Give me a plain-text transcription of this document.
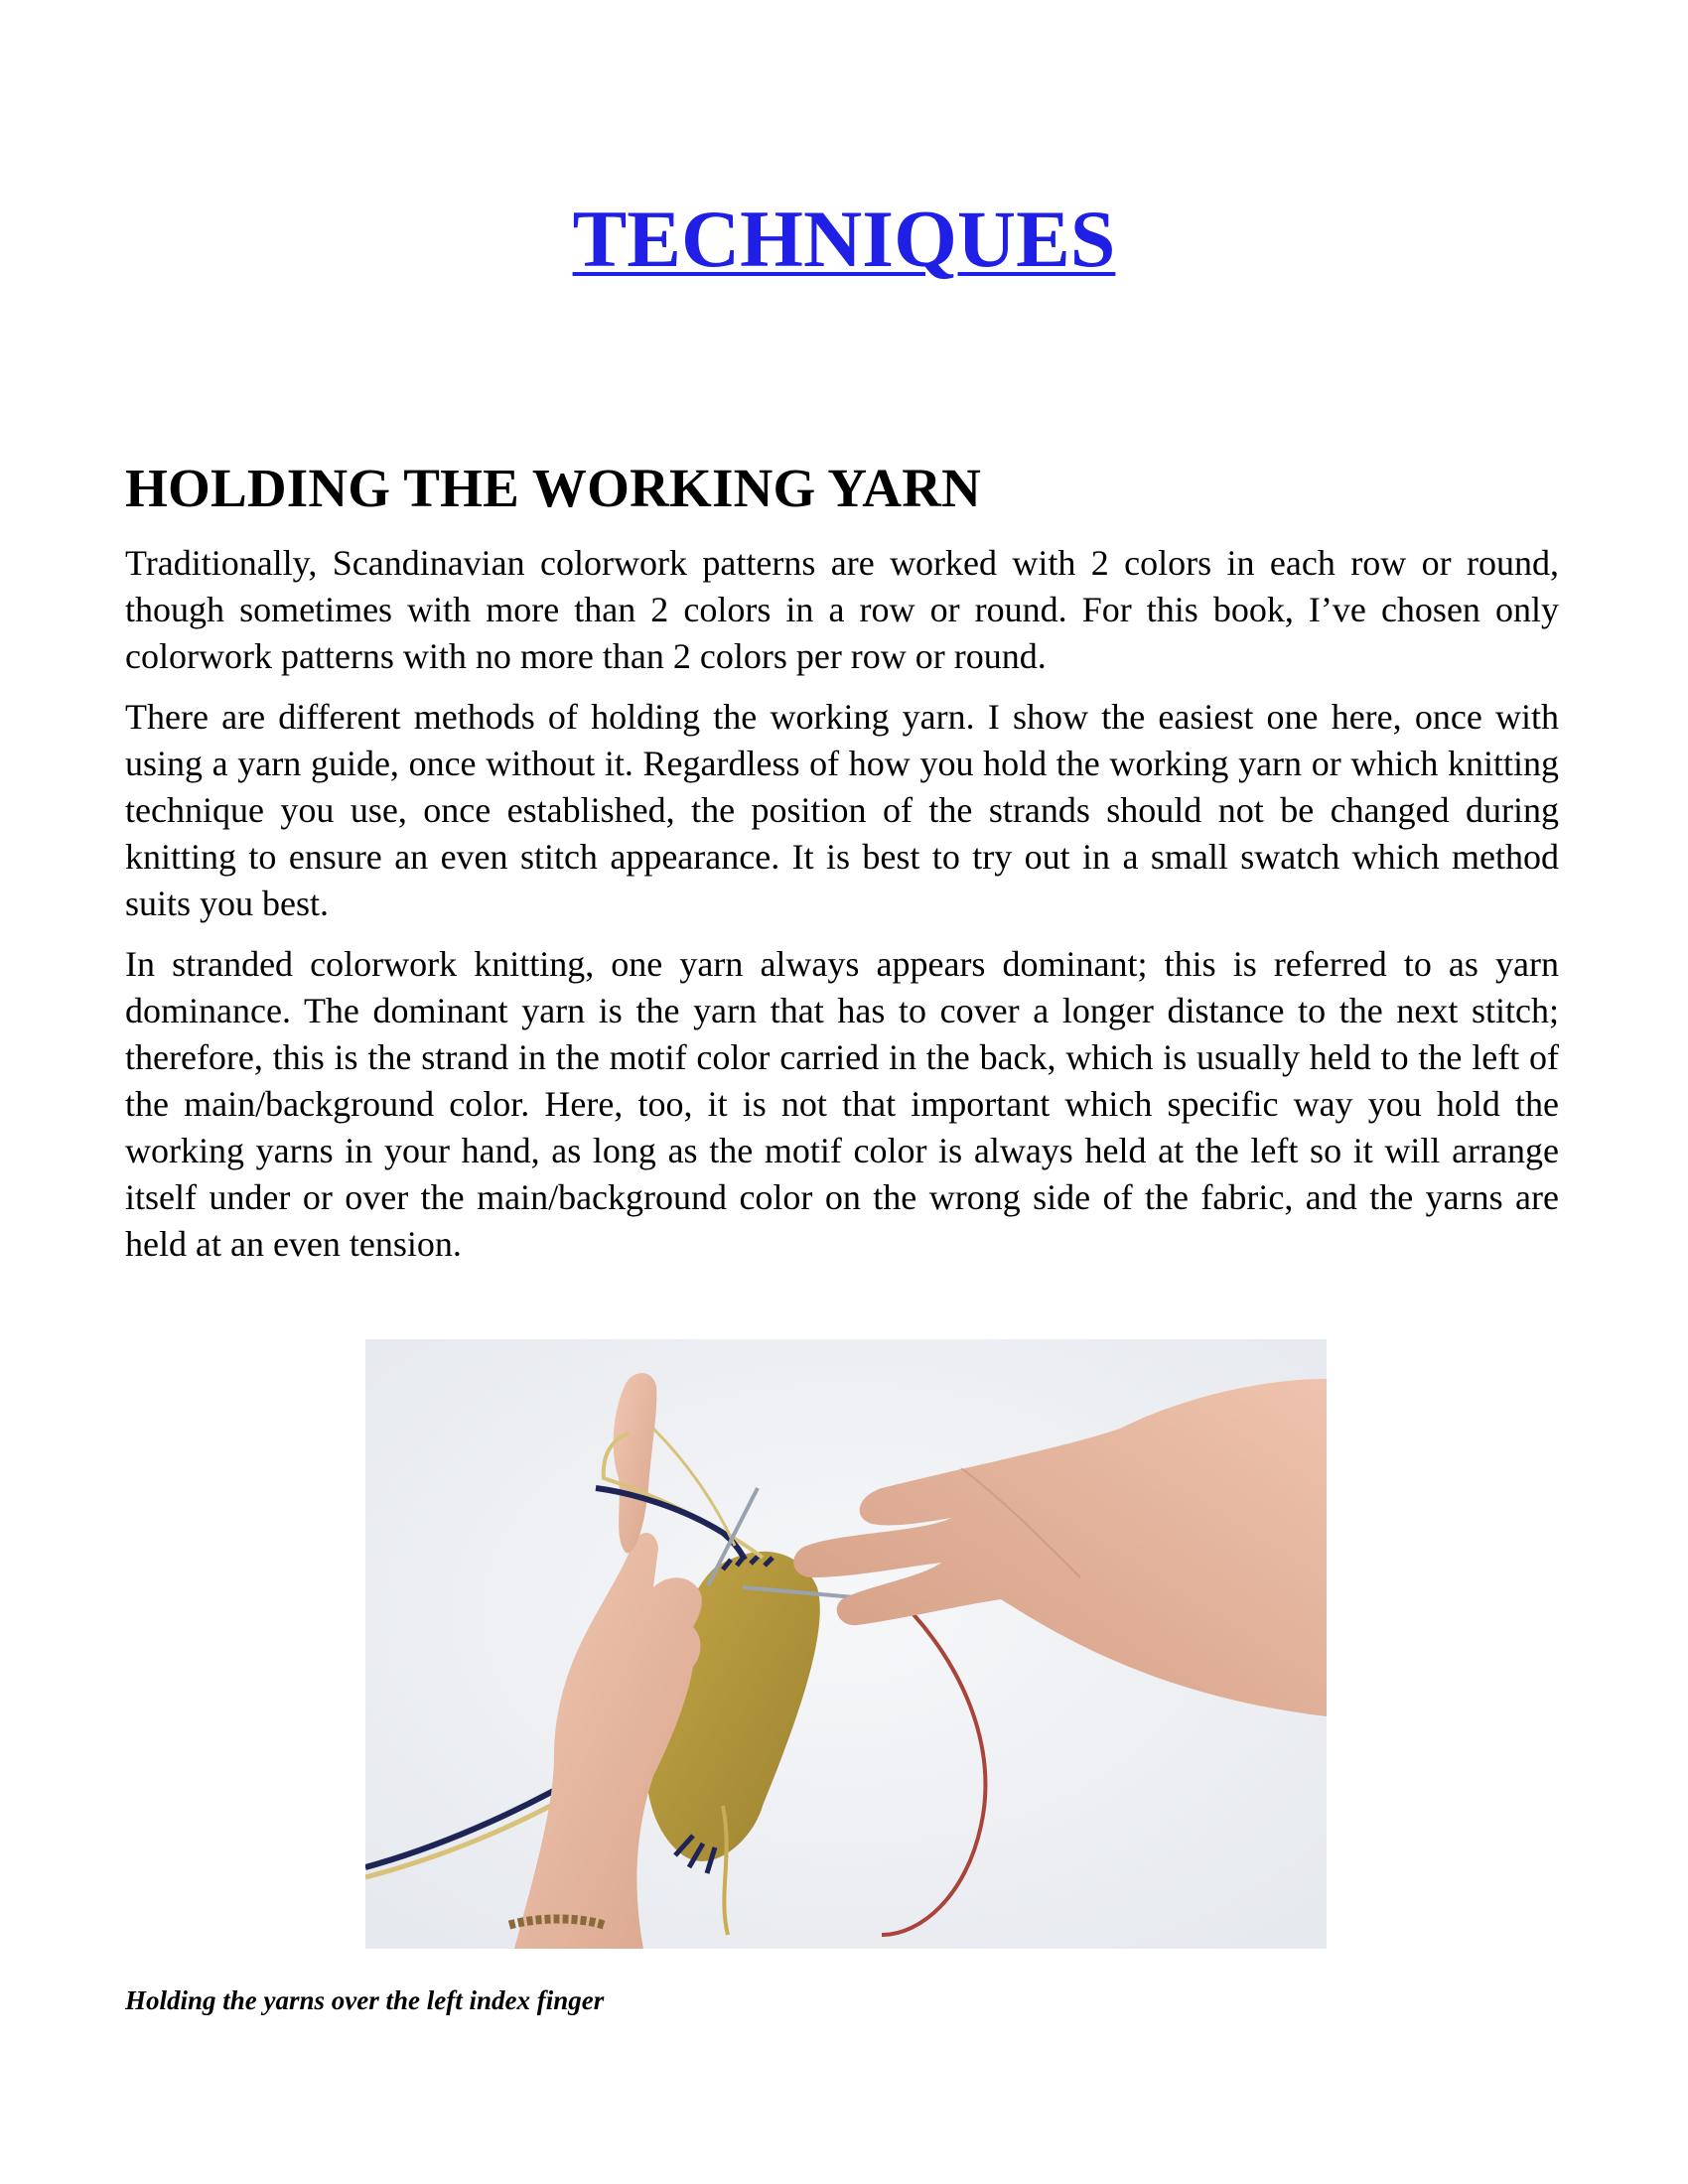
TECHNIQUES
HOLDING THE WORKING YARN

Traditionally, Scandinavian colorwork patterns are worked with 2 colors in each row or round, though sometimes with more than 2 colors in a row or round. For this book, I’ve chosen only colorwork patterns with no more than 2 colors per row or round.

There are different methods of holding the working yarn. I show the easiest one here, once with using a yarn guide, once without it. Regardless of how you hold the working yarn or which knitting technique you use, once established, the position of the strands should not be changed during knitting to ensure an even stitch appearance. It is best to try out in a small swatch which method suits you best.

In stranded colorwork knitting, one yarn always appears dominant; this is referred to as yarn dominance. The dominant yarn is the yarn that has to cover a longer distance to the next stitch; therefore, this is the strand in the motif color carried in the back, which is usually held to the left of the main/background color. Here, too, it is not that important which specific way you hold the working yarns in your hand, as long as the motif color is always held at the left so it will arrange itself under or over the main/background color on the wrong side of the fabric, and the yarns are held at an even tension.

Holding the yarns over the left index finger
